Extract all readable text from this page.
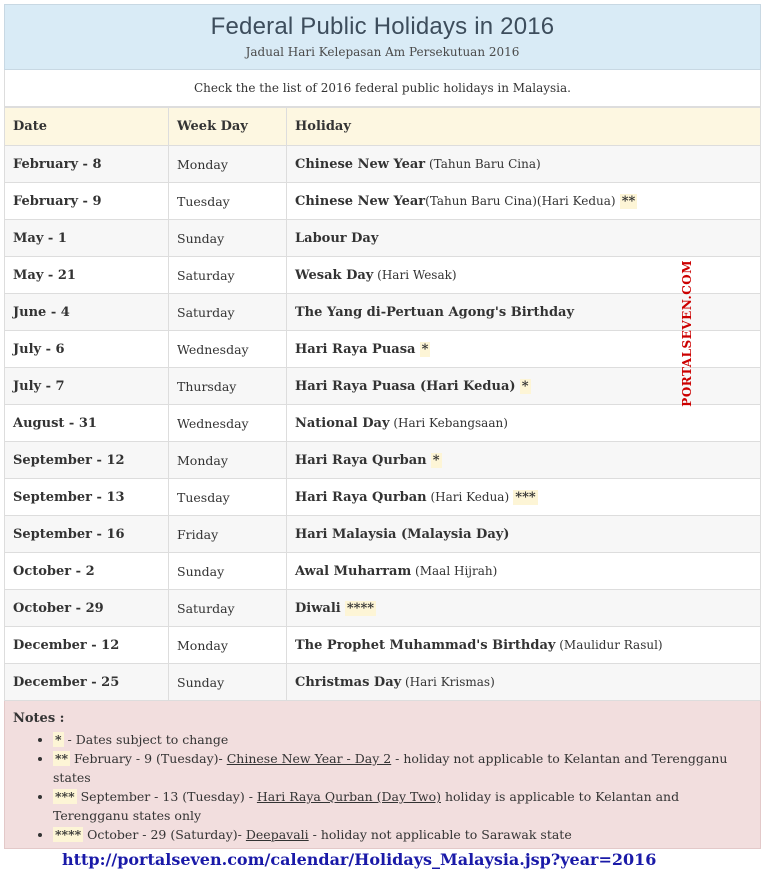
Federal Public Holidays in 2016
Jadual Hari Kelepasan Am Persekutuan 2016
Check the the list of 2016 federal public holidays in Malaysia.
Date	Week Day	Holiday
February - 8	Monday	Chinese New Year (Tahun Baru Cina)
February - 9	Tuesday	Chinese New Year(Tahun Baru Cina)(Hari Kedua) **
May - 1	Sunday	Labour Day
May - 21	Saturday	Wesak Day (Hari Wesak)
June - 4	Saturday	The Yang di-Pertuan Agong's Birthday
July - 6	Wednesday	Hari Raya Puasa *
July - 7	Thursday	Hari Raya Puasa (Hari Kedua) *
August - 31	Wednesday	National Day (Hari Kebangsaan)
September - 12	Monday	Hari Raya Qurban *
September - 13	Tuesday	Hari Raya Qurban (Hari Kedua) ***
September - 16	Friday	Hari Malaysia (Malaysia Day)
October - 2	Sunday	Awal Muharram (Maal Hijrah)
October - 29	Saturday	Diwali ****
December - 12	Monday	The Prophet Muhammad's Birthday (Maulidur Rasul)
December - 25	Sunday	Christmas Day (Hari Krismas)
Notes :
• * - Dates subject to change
• ** February - 9 (Tuesday)- Chinese New Year - Day 2 - holiday not applicable to Kelantan and Terengganu states
• *** September - 13 (Tuesday) - Hari Raya Qurban (Day Two) holiday is applicable to Kelantan and Terengganu states only
• **** October - 29 (Saturday)- Deepavali - holiday not applicable to Sarawak state
PORTALSEVEN.COM
http://portalseven.com/calendar/Holidays_Malaysia.jsp?year=2016
